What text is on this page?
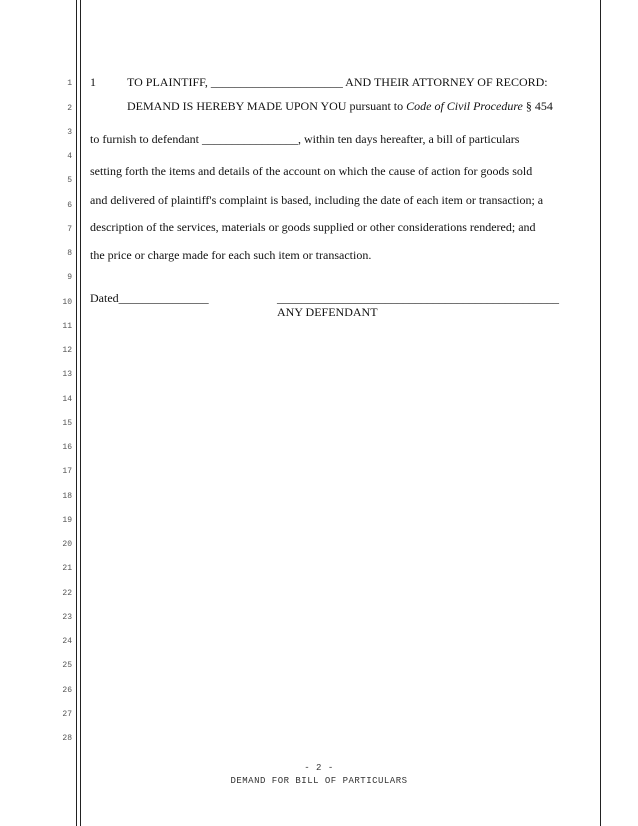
1
2
3
4
5
6
7
8
9
10
11
12
13
14
15
16
17
18
19
20
21
22
23
24
25
26
27
28
1	TO PLAINTIFF, ______________________ AND THEIR ATTORNEY OF RECORD:
DEMAND IS HEREBY MADE UPON YOU pursuant to Code of Civil Procedure § 454
to furnish to defendant ________________, within ten days hereafter, a bill of particulars
setting forth the items and details of the account on which the cause of action for goods sold
and delivered of plaintiff's complaint is based, including the date of each item or transaction; a
description of the services, materials or goods supplied or other considerations rendered; and
the price or charge made for each such item or transaction.
Dated_______________	_______________________________________________
ANY DEFENDANT
- 2 -
DEMAND FOR BILL OF PARTICULARS
